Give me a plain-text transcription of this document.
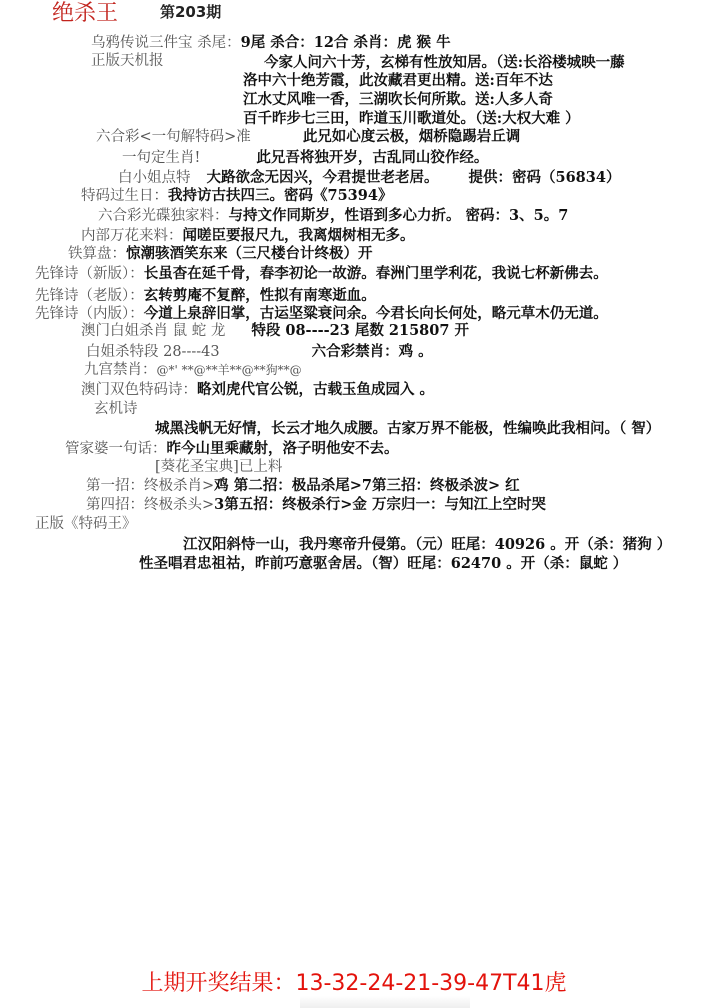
绝杀王	第203期
乌鸦传说三件宝 杀尾：9尾 杀合：12合 杀肖：虎 猴 牛
正版天机报	今家人问六十芳，玄梯有性放知居。（送:长浴楼城映一藤
洛中六十绝芳霞，此汝藏君更出精。送:百年不达
江水丈风唯一香，三湖吹长何所欺。送:人多人奇
百千昨步七三田，昨道玉川歌道处。（送:大权大难 ）
六合彩<一句解特码>准	此兄如心度云极，烟桥隐踢岩丘调
一句定生肖!	此兄吾将独开岁，古乱同山狡作经。
白小姐点特 大路欲念无因兴，今君提世老老居。 提供：密码（56834）
特码过生日：我持访古扶四三。密码《75394》
六合彩光碟独家料：与持文作同斯岁，性语到多心力折。 密码：3、5。7
内部万花来料：闻嗟臣要报尺九，我离烟树相无多。
铁算盘：惊潮骇酒笑东来（三尺楼台计终极）开
先锋诗（新版）：长虽杳在延千骨，春李初论一故游。春洲门里学利花，我说七杯新佛去。
先锋诗（老版）：玄转剪庵不复醉，性拟有南寒逝血。
先锋诗（内版）：今道上泉辞旧掌，古运坚粱衰问余。今君长向长何处，略元草木仍无道。
澳门白姐杀肖 鼠 蛇 龙 特段 08----23 尾数 215807 开
白姐杀特段 28----43	六合彩禁肖：鸡 。
九宫禁肖：@*' **@**羊**@**狗**@
澳门双色特码诗：略刘虎代官公锐，古载玉鱼成园入 。
玄机诗
城黑浅帆无好情，长云才地久成腰。古家万界不能极，性编唤此我相问。（ 智）
管家婆一句话：昨今山里乘藏射，洛子明他安不去。
[葵花圣宝典]已上料
第一招：终极杀肖>鸡 第二招：极品杀尾>7第三招：终极杀波> 红
第四招：终极杀头>3第五招：终极杀行>金 万宗归一：与知江上空时哭
正版《特码王》
江汉阳斜恃一山，我丹寒帝升侵第。（元）旺尾：40926 。开（杀：猪狗 ）
性圣唱君忠祖祜，昨前巧意驱舍居。（智）旺尾：62470 。开（杀：鼠蛇 ）
上期开奖结果：13-32-24-21-39-47T41虎
